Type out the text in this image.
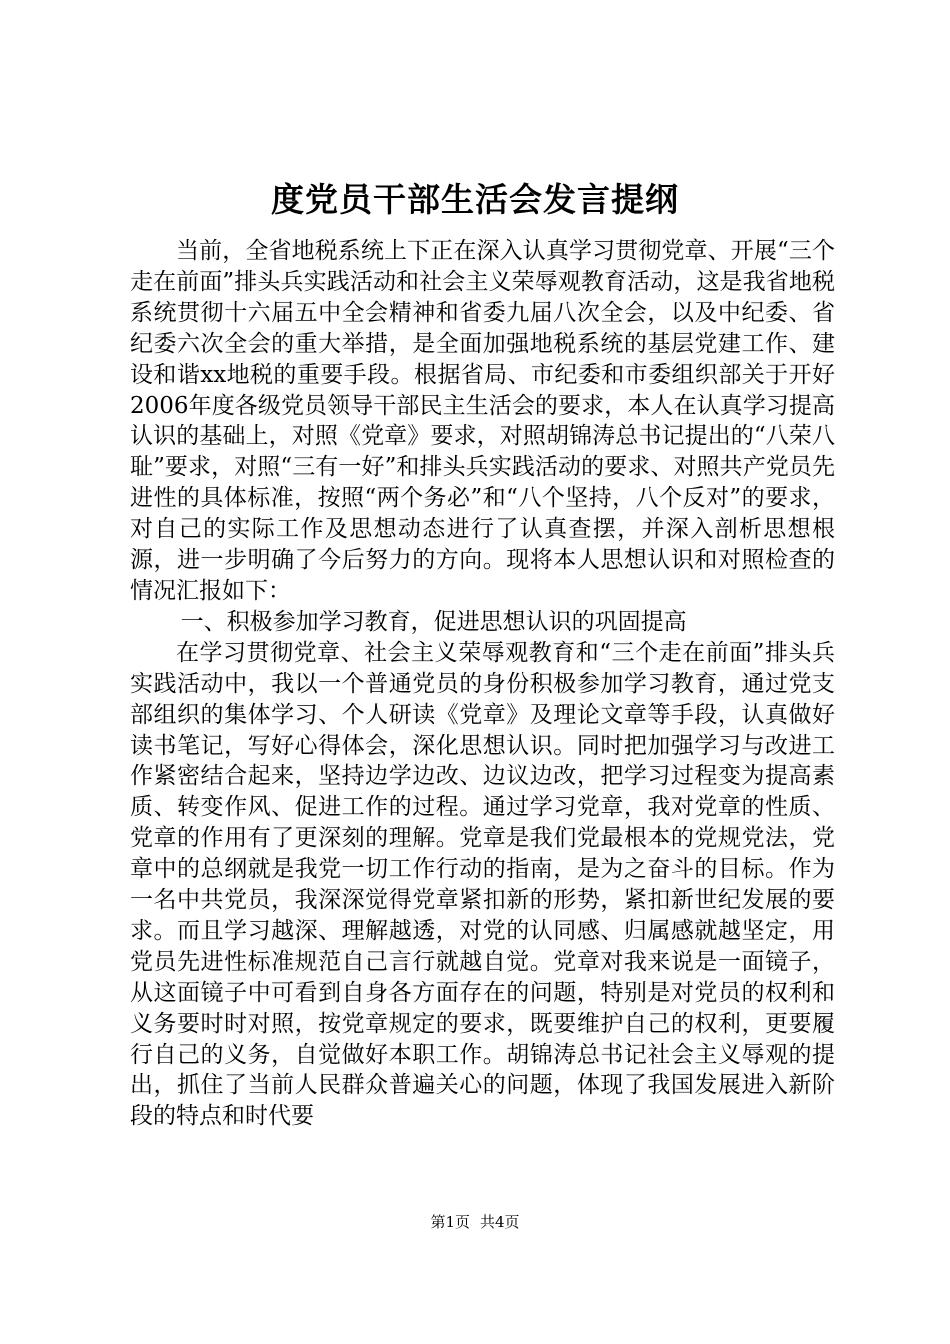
度党员干部生活会发言提纲

当前，全省地税系统上下正在深入认真学习贯彻党章、开展“三个走在前面”排头兵实践活动和社会主义荣辱观教育活动，这是我省地税系统贯彻十六届五中全会精神和省委九届八次全会，以及中纪委、省纪委六次全会的重大举措，是全面加强地税系统的基层党建工作、建设和谐xx地税的重要手段。根据省局、市纪委和市委组织部关于开好2006年度各级党员领导干部民主生活会的要求，本人在认真学习提高认识的基础上，对照《党章》要求，对照胡锦涛总书记提出的“八荣八耻”要求，对照“三有一好”和排头兵实践活动的要求、对照共产党员先进性的具体标准，按照“两个务必”和“八个坚持，八个反对”的要求，对自己的实际工作及思想动态进行了认真查摆，并深入剖析思想根源，进一步明确了今后努力的方向。现将本人思想认识和对照检查的情况汇报如下：

一、积极参加学习教育，促进思想认识的巩固提高

在学习贯彻党章、社会主义荣辱观教育和“三个走在前面”排头兵实践活动中，我以一个普通党员的身份积极参加学习教育，通过党支部组织的集体学习、个人研读《党章》及理论文章等手段，认真做好读书笔记，写好心得体会，深化思想认识。同时把加强学习与改进工作紧密结合起来，坚持边学边改、边议边改，把学习过程变为提高素质、转变作风、促进工作的过程。通过学习党章，我对党章的性质、党章的作用有了更深刻的理解。党章是我们党最根本的党规党法，党章中的总纲就是我党一切工作行动的指南，是为之奋斗的目标。作为一名中共党员，我深深觉得党章紧扣新的形势，紧扣新世纪发展的要求。而且学习越深、理解越透，对党的认同感、归属感就越坚定，用党员先进性标准规范自己言行就越自觉。党章对我来说是一面镜子，从这面镜子中可看到自身各方面存在的问题，特别是对党员的权利和义务要时时对照，按党章规定的要求，既要维护自己的权利，更要履行自己的义务，自觉做好本职工作。胡锦涛总书记社会主义辱观的提出，抓住了当前人民群众普遍关心的问题，体现了我国发展进入新阶段的特点和时代要

第1页 共4页
